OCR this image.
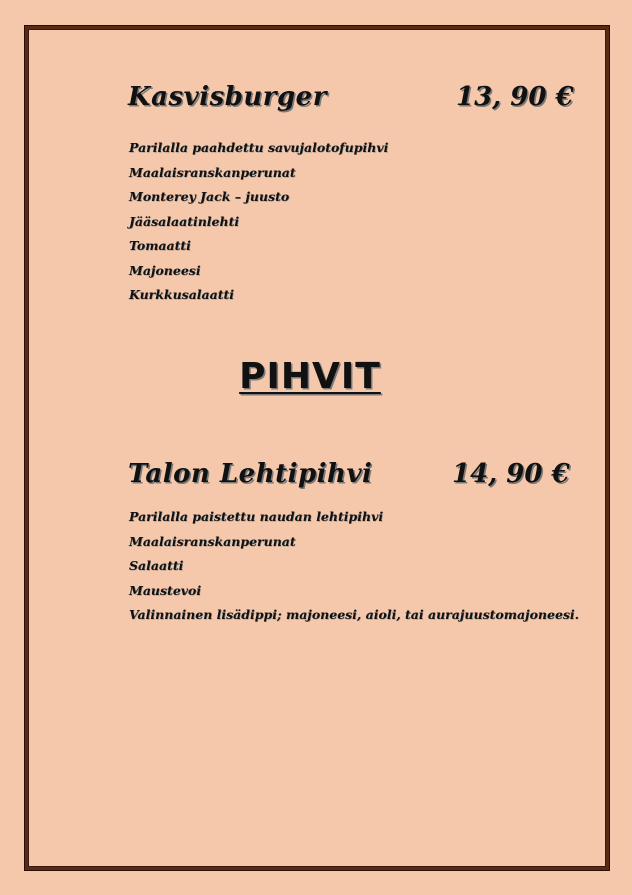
Kasvisburger	13, 90 €
Parilalla paahdettu savujalotofupihvi
Maalaisranskanperunat
Monterey Jack – juusto
Jääsalaatinlehti
Tomaatti
Majoneesi
Kurkkusalaatti
PIHVIT
Talon Lehtipihvi	14, 90 €
Parilalla paistettu naudan lehtipihvi
Maalaisranskanperunat
Salaatti
Maustevoi
Valinnainen lisädippi; majoneesi, aioli, tai aurajuustomajoneesi.
